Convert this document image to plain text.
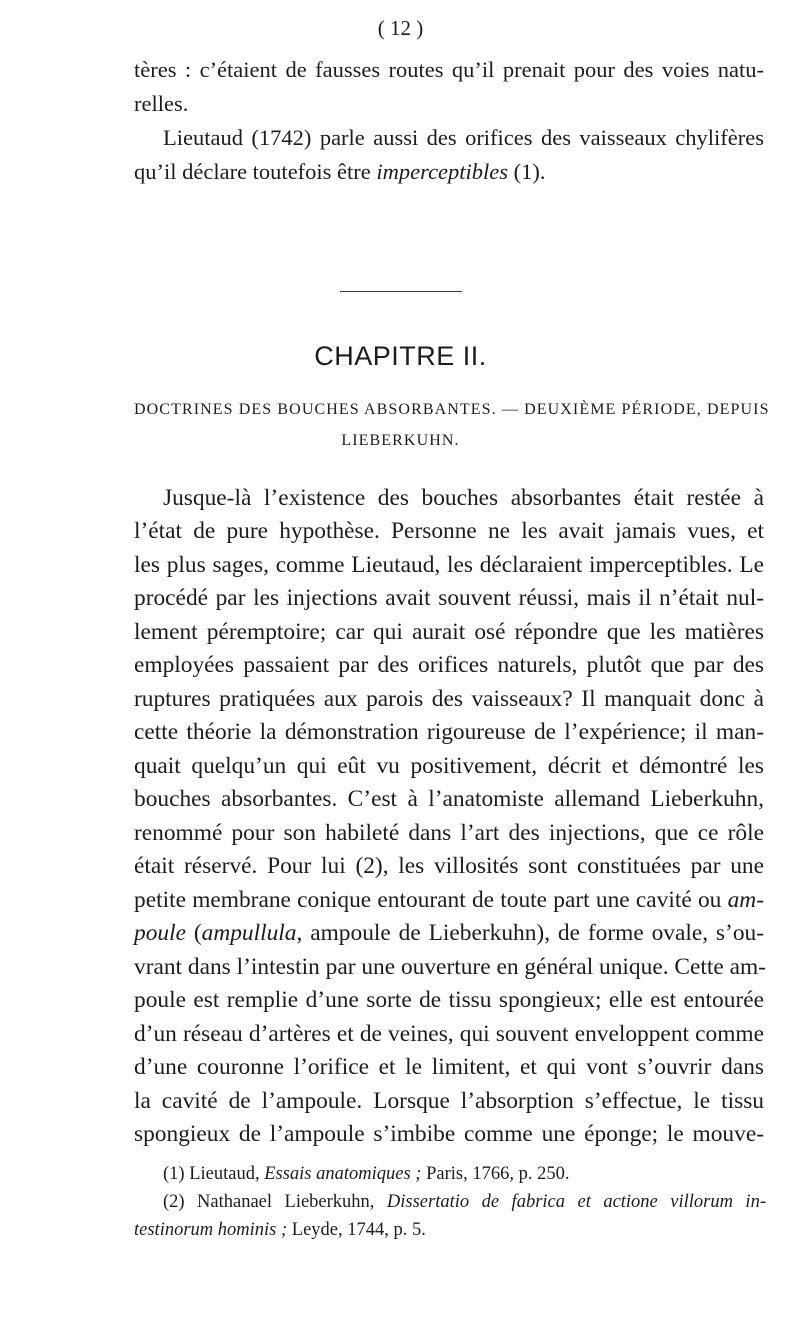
( 12 )
tères : c’étaient de fausses routes qu’il prenait pour des voies natu-
relles.
Lieutaud (1742) parle aussi des orifices des vaisseaux chylifères
qu’il déclare toutefois être imperceptibles (1).
CHAPITRE II.
DOCTRINES DES BOUCHES ABSORBANTES. — DEUXIÈME PÉRIODE, DEPUIS
LIEBERKUHN.
Jusque-là l’existence des bouches absorbantes était restée à
l’état de pure hypothèse. Personne ne les avait jamais vues, et
les plus sages, comme Lieutaud, les déclaraient imperceptibles. Le
procédé par les injections avait souvent réussi, mais il n’était nul-
lement péremptoire; car qui aurait osé répondre que les matières
employées passaient par des orifices naturels, plutôt que par des
ruptures pratiquées aux parois des vaisseaux? Il manquait donc à
cette théorie la démonstration rigoureuse de l’expérience; il man-
quait quelqu’un qui eût vu positivement, décrit et démontré les
bouches absorbantes. C’est à l’anatomiste allemand Lieberkuhn,
renommé pour son habileté dans l’art des injections, que ce rôle
était réservé. Pour lui (2), les villosités sont constituées par une
petite membrane conique entourant de toute part une cavité ou am-
poule (ampullula, ampoule de Lieberkuhn), de forme ovale, s’ou-
vrant dans l’intestin par une ouverture en général unique. Cette am-
poule est remplie d’une sorte de tissu spongieux; elle est entourée
d’un réseau d’artères et de veines, qui souvent enveloppent comme
d’une couronne l’orifice et le limitent, et qui vont s’ouvrir dans
la cavité de l’ampoule. Lorsque l’absorption s’effectue, le tissu
spongieux de l’ampoule s’imbibe comme une éponge; le mouve-
(1) Lieutaud, Essais anatomiques ; Paris, 1766, p. 250.
(2) Nathanael Lieberkuhn, Dissertatio de fabrica et actione villorum in-
testinorum hominis ; Leyde, 1744, p. 5.
